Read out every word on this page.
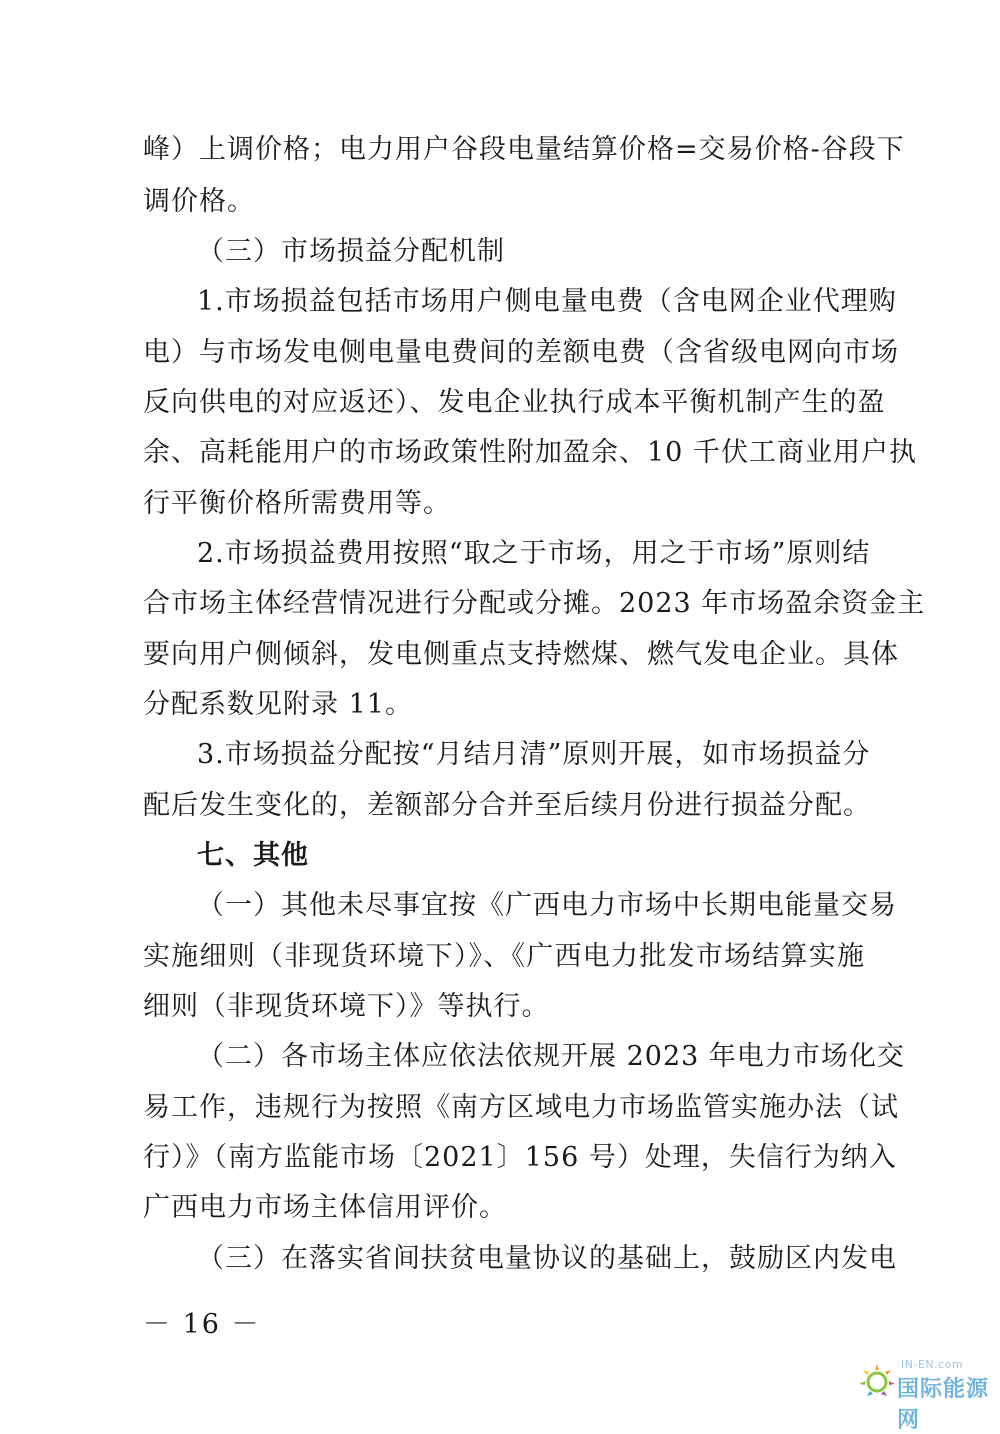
峰）上调价格；电力用户谷段电量结算价格=交易价格-谷段下
调价格。
（三）市场损益分配机制
1.市场损益包括市场用户侧电量电费（含电网企业代理购
电）与市场发电侧电量电费间的差额电费（含省级电网向市场
反向供电的对应返还）、发电企业执行成本平衡机制产生的盈
余、高耗能用户的市场政策性附加盈余、10 千伏工商业用户执
行平衡价格所需费用等。
2.市场损益费用按照“取之于市场，用之于市场”原则结
合市场主体经营情况进行分配或分摊。2023 年市场盈余资金主
要向用户侧倾斜，发电侧重点支持燃煤、燃气发电企业。具体
分配系数见附录 11。
3.市场损益分配按“月结月清”原则开展，如市场损益分
配后发生变化的，差额部分合并至后续月份进行损益分配。
七、其他
（一）其他未尽事宜按《广西电力市场中长期电能量交易
实施细则（非现货环境下）》、《广西电力批发市场结算实施
细则（非现货环境下）》等执行。
（二）各市场主体应依法依规开展 2023 年电力市场化交
易工作，违规行为按照《南方区域电力市场监管实施办法（试
行）》（南方监能市场〔2021〕156 号）处理，失信行为纳入
广西电力市场主体信用评价。
（三）在落实省间扶贫电量协议的基础上，鼓励区内发电
－ 16 －
IN-EN.com
国际能源网
